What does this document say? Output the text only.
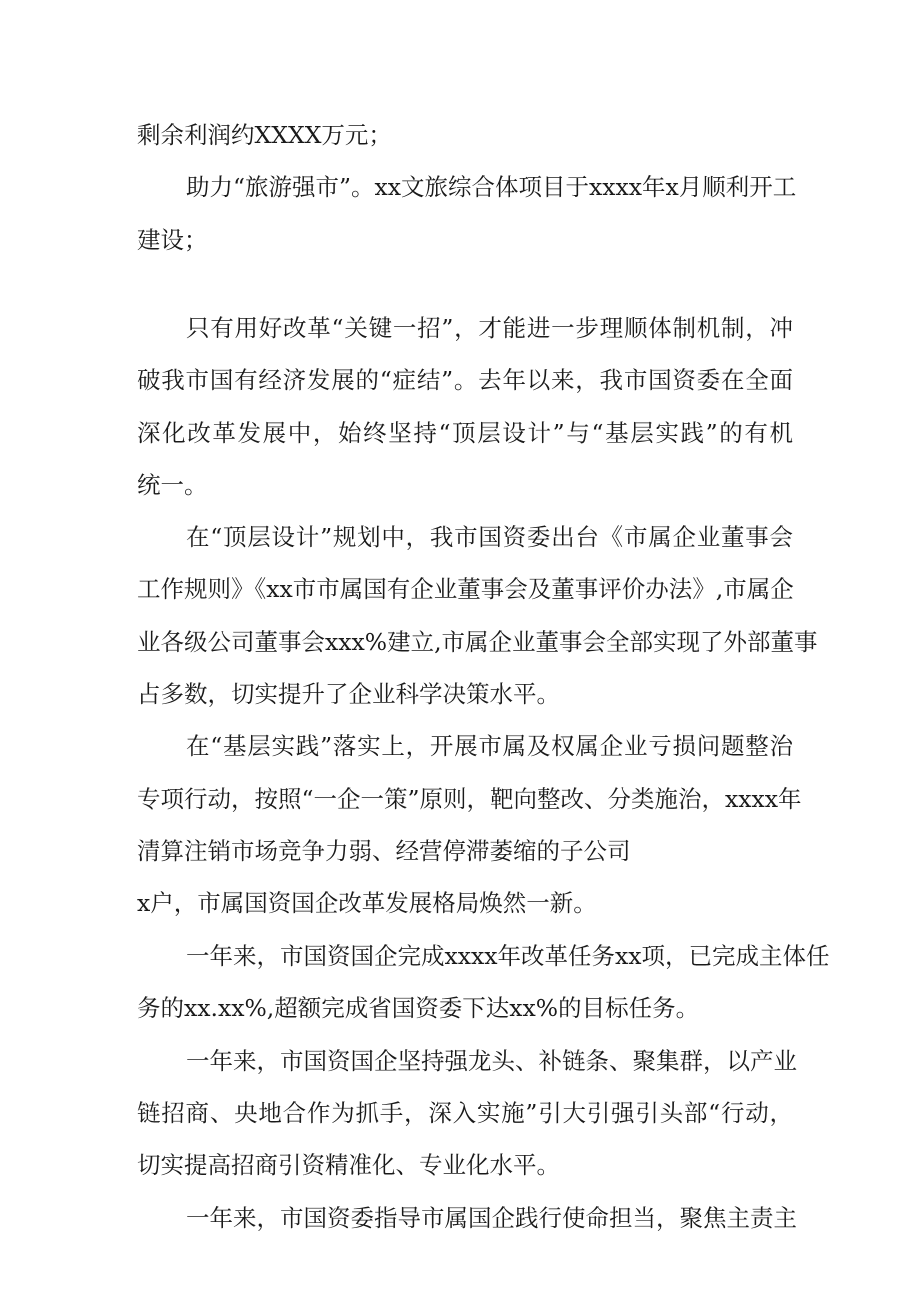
剩余利润约XXXX万元；
助力“旅游强市”。xx文旅综合体项目于xxxx年x月顺利开工
建设；
只有用好改革“关键一招”，才能进一步理顺体制机制，冲
破我市国有经济发展的“症结”。去年以来，我市国资委在全面
深化改革发展中，始终坚持“顶层设计”与“基层实践”的有机
统一。
在“顶层设计”规划中，我市国资委出台《市属企业董事会
工作规则》《xx市市属国有企业董事会及董事评价办法》,市属企
业各级公司董事会xxx%建立,市属企业董事会全部实现了外部董事
占多数，切实提升了企业科学决策水平。
在“基层实践”落实上，开展市属及权属企业亏损问题整治
专项行动，按照“一企一策”原则，靶向整改、分类施治，xxxx年
清算注销市场竞争力弱、经营停滞萎缩的子公司
x户，市属国资国企改革发展格局焕然一新。
一年来，市国资国企完成xxxx年改革任务xx项，已完成主体任
务的xx.xx%,超额完成省国资委下达xx%的目标任务。
一年来，市国资国企坚持强龙头、补链条、聚集群，以产业
链招商、央地合作为抓手，深入实施”引大引强引头部“行动，
切实提高招商引资精准化、专业化水平。
一年来，市国资委指导市属国企践行使命担当，聚焦主责主
